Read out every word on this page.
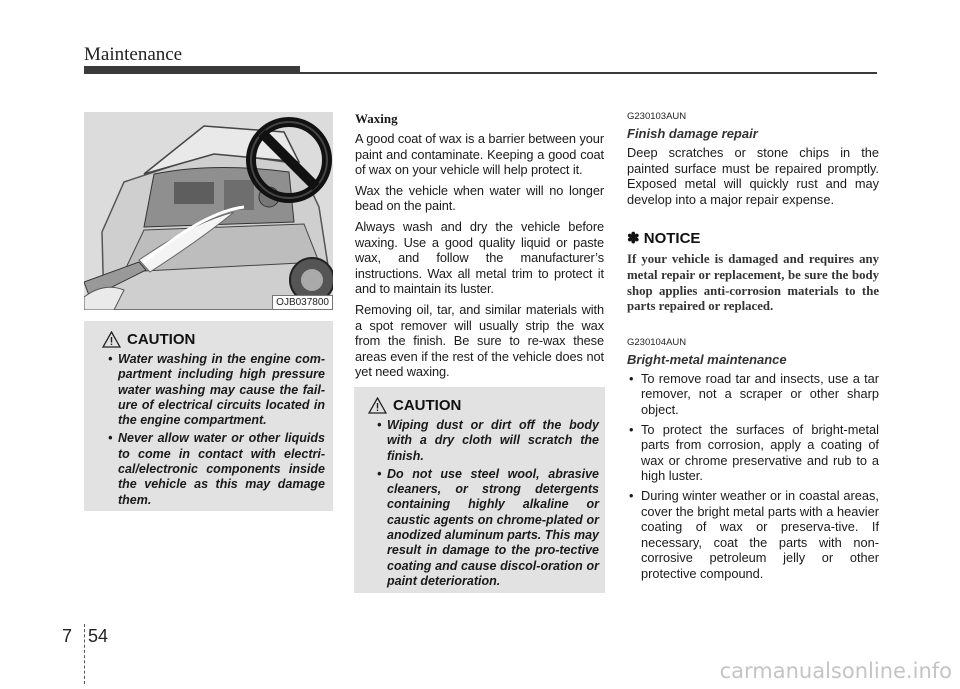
Maintenance
OJB037800
CAUTION
• Water washing in the engine com-partment including high pressure water washing may cause the fail-ure of electrical circuits located in the engine compartment.
• Never allow water or other liquids to come in contact with electri-cal/electronic components inside the vehicle as this may damage them.
Waxing

A good coat of wax is a barrier between your paint and contaminate. Keeping a good coat of wax on your vehicle will help protect it.

Wax the vehicle when water will no longer bead on the paint.

Always wash and dry the vehicle before waxing. Use a good quality liquid or paste wax, and follow the manufacturer’s instructions. Wax all metal trim to protect it and to maintain its luster.

Removing oil, tar, and similar materials with a spot remover will usually strip the wax from the finish. Be sure to re-wax these areas even if the rest of the vehicle does not yet need waxing.

CAUTION
• Wiping dust or dirt off the body with a dry cloth will scratch the finish.
• Do not use steel wool, abrasive cleaners, or strong detergents containing highly alkaline or caustic agents on chrome-plated or anodized aluminum parts. This may result in damage to the pro-tective coating and cause discol-oration or paint deterioration.
G230103AUN
Finish damage repair

Deep scratches or stone chips in the painted surface must be repaired promptly. Exposed metal will quickly rust and may develop into a major repair expense.

✽ NOTICE

If your vehicle is damaged and requires any metal repair or replacement, be sure the body shop applies anti-corrosion materials to the parts repaired or replaced.

G230104AUN
Bright-metal maintenance
• To remove road tar and insects, use a tar remover, not a scraper or other sharp object.
• To protect the surfaces of bright-metal parts from corrosion, apply a coating of wax or chrome preservative and rub to a high luster.
• During winter weather or in coastal areas, cover the bright metal parts with a heavier coating of wax or preserva-tive. If necessary, coat the parts with non-corrosive petroleum jelly or other protective compound.
7 54
carmanualsonline.info
